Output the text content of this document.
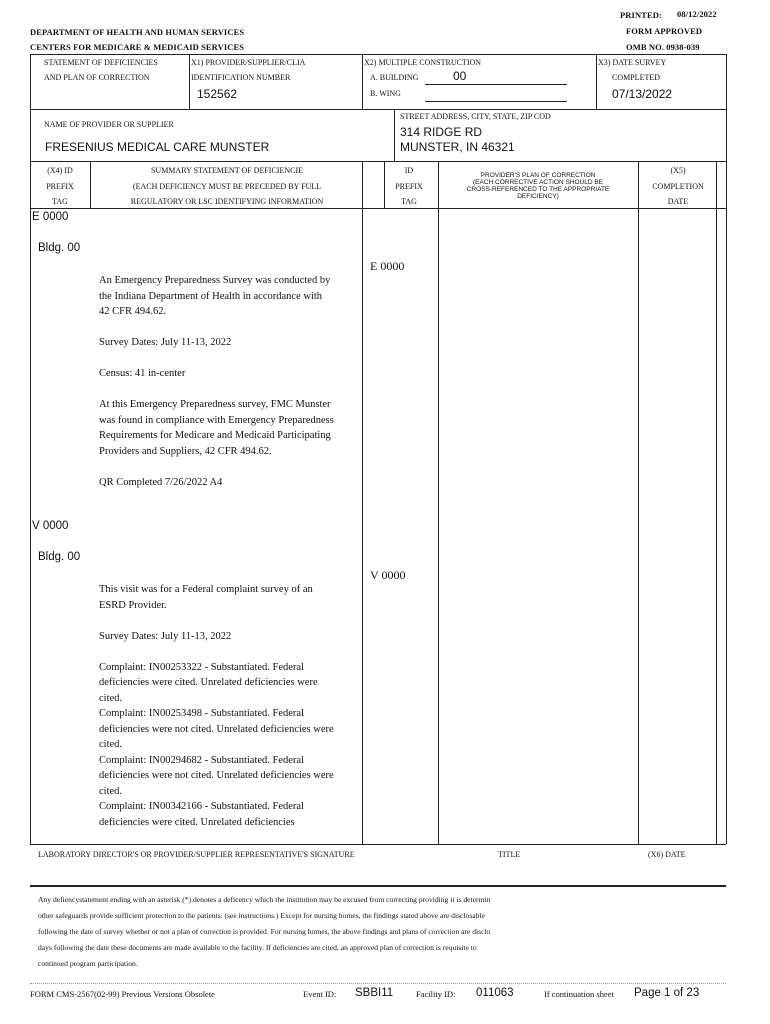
PRINTED: 08/12/2022
DEPARTMENT OF HEALTH AND HUMAN SERVICES	FORM APPROVED
CENTERS FOR MEDICARE & MEDICAID SERVICES	OMB NO. 0938-039
STATEMENT OF DEFICIENCIES
AND PLAN OF CORRECTION
X1) PROVIDER/SUPPLIER/CLIA
IDENTIFICATION NUMBER
152562
X2) MULTIPLE CONSTRUCTION
A. BUILDING	00
B. WING
X3) DATE SURVEY
COMPLETED
07/13/2022
NAME OF PROVIDER OR SUPPLIER
FRESENIUS MEDICAL CARE MUNSTER
STREET ADDRESS, CITY, STATE, ZIP COD
314 RIDGE RD
MUNSTER, IN 46321
(X4) ID
PREFIX
TAG
SUMMARY STATEMENT OF DEFICIENCIE
(EACH DEFICIENCY MUST BE PRECEDED BY FULL
REGULATORY OR LSC IDENTIFYING INFORMATION
ID
PREFIX
TAG
PROVIDER'S PLAN OF CORRECTION
(EACH CORRECTIVE ACTION SHOULD BE
CROSS-REFERENCED TO THE APPROPRIATE
DEFICIENCY)
(X5)
COMPLETION
DATE
E 0000
Bldg. 00
E 0000

An Emergency Preparedness Survey was conducted by the Indiana Department of Health in accordance with 42 CFR 494.62.

Survey Dates: July 11-13, 2022

Census: 41 in-center

At this Emergency Preparedness survey, FMC Munster was found in compliance with Emergency Preparedness Requirements for Medicare and Medicaid Participating Providers and Suppliers, 42 CFR 494.62.

QR Completed 7/26/2022 A4

V 0000
Bldg. 00
V 0000

This visit was for a Federal complaint survey of an ESRD Provider.

Survey Dates: July 11-13, 2022

Complaint: IN00253322 - Substantiated. Federal deficiencies were cited. Unrelated deficiencies were cited.

Complaint: IN00253498 - Substantiated. Federal deficiencies were not cited. Unrelated deficiencies were cited.

Complaint: IN00294682 - Substantiated. Federal deficiencies were not cited. Unrelated deficiencies were cited.

Complaint: IN00342166 - Substantiated. Federal deficiencies were cited. Unrelated deficiencies

LABORATORY DIRECTOR'S OR PROVIDER/SUPPLIER REPRESENTATIVE'S SIGNATURE	TITLE	(X6) DATE
Any defiencystatement ending with an asterisk (*) denotes a deficency which the institution may be excused from correcting providing it is determin
other safeguards provide sufficient protection to the patients. (see instructions.) Except for nursing homes, the findings stated above are disclosable
following the date of survey whether or not a plan of correction is provided. For nursing homes, the above findings and plans of correction are disclo
days following the date these documents are made available to the facility. If deficiencies are cited, an approved plan of correction is requisite to
continued program participation.
FORM CMS-2567(02-99) Previous Versions Obsolete	Event ID: SBBI11	Facility ID: 011063	If continuation sheet Page 1 of 23
